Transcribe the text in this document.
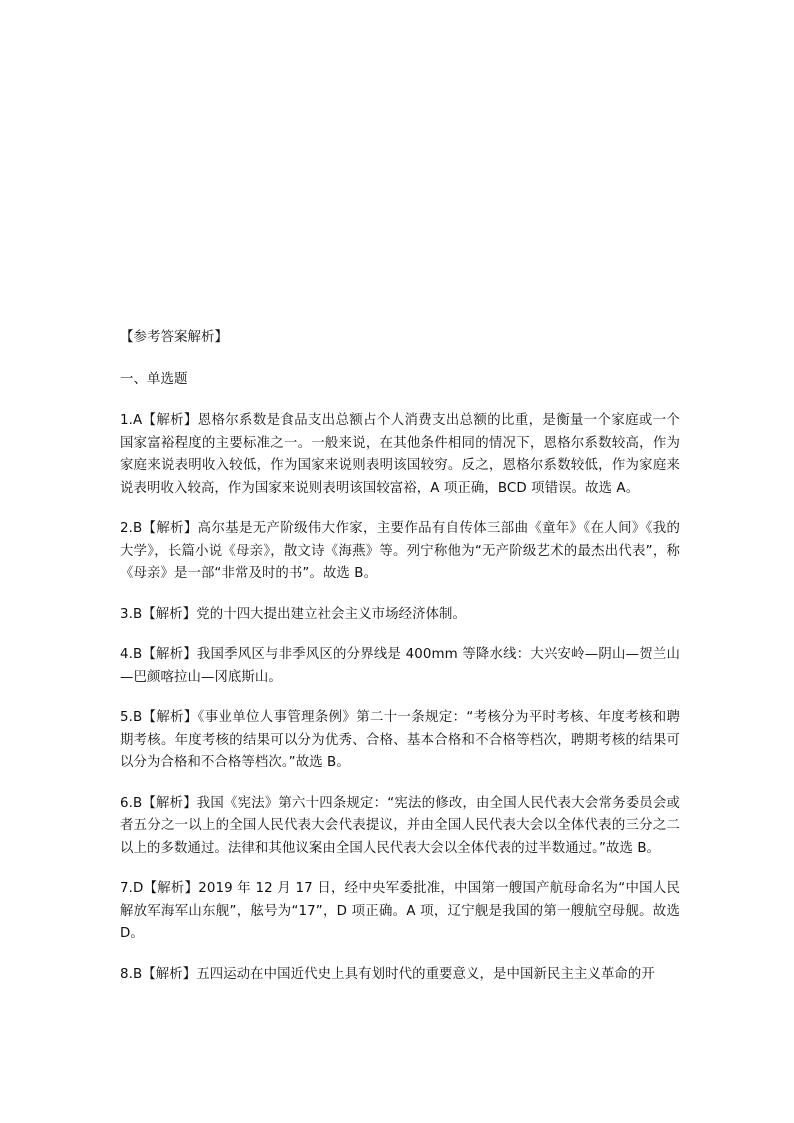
【参考答案解析】

一、单选题

1.A【解析】恩格尔系数是食品支出总额占个人消费支出总额的比重，是衡量一个家庭或一个国家富裕程度的主要标准之一。一般来说，在其他条件相同的情况下，恩格尔系数较高，作为家庭来说表明收入较低，作为国家来说则表明该国较穷。反之，恩格尔系数较低，作为家庭来说表明收入较高，作为国家来说则表明该国较富裕，A 项正确，BCD 项错误。故选 A。

2.B【解析】高尔基是无产阶级伟大作家，主要作品有自传体三部曲《童年》《在人间》《我的大学》，长篇小说《母亲》，散文诗《海燕》等。列宁称他为“无产阶级艺术的最杰出代表”，称《母亲》是一部“非常及时的书”。故选 B。

3.B【解析】党的十四大提出建立社会主义市场经济体制。

4.B【解析】我国季风区与非季风区的分界线是 400mm 等降水线：大兴安岭—阴山—贺兰山—巴颜喀拉山—冈底斯山。

5.B【解析】《事业单位人事管理条例》第二十一条规定：“考核分为平时考核、年度考核和聘期考核。年度考核的结果可以分为优秀、合格、基本合格和不合格等档次，聘期考核的结果可以分为合格和不合格等档次。”故选 B。

6.B【解析】我国《宪法》第六十四条规定：“宪法的修改，由全国人民代表大会常务委员会或者五分之一以上的全国人民代表大会代表提议，并由全国人民代表大会以全体代表的三分之二以上的多数通过。法律和其他议案由全国人民代表大会以全体代表的过半数通过。”故选 B。

7.D【解析】2019 年 12 月 17 日，经中央军委批准，中国第一艘国产航母命名为“中国人民解放军海军山东舰”，舷号为“17”，D 项正确。A 项，辽宁舰是我国的第一艘航空母舰。故选 D。

8.B【解析】五四运动在中国近代史上具有划时代的重要意义，是中国新民主主义革命的开
